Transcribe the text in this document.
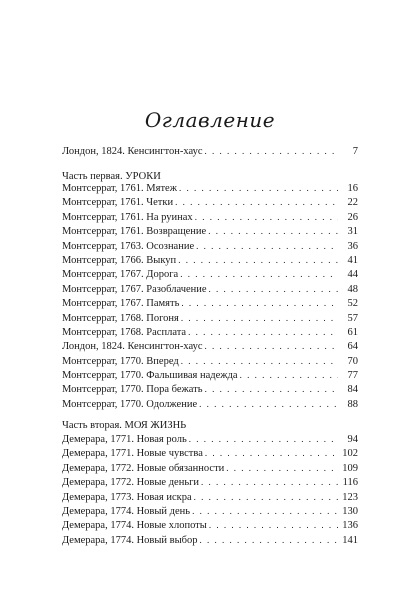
Оглавление
Лондон, 1824. Кенсингтон-хаус . . .	7
Часть первая. УРОКИ
Монтсеррат, 1761. Мятеж . . .	16
Монтсеррат, 1761. Четки . . .	22
Монтсеррат, 1761. На руинах . . .	26
Монтсеррат, 1761. Возвращение . . .	31
Монтсеррат, 1763. Осознание . . .	36
Монтсеррат, 1766. Выкуп . . .	41
Монтсеррат, 1767. Дорога . . .	44
Монтсеррат, 1767. Разоблачение . . .	48
Монтсеррат, 1767. Память . . .	52
Монтсеррат, 1768. Погоня . . .	57
Монтсеррат, 1768. Расплата . . .	61
Лондон, 1824. Кенсингтон-хаус . . .	64
Монтсеррат, 1770. Вперед . . .	70
Монтсеррат, 1770. Фальшивая надежда . . .	77
Монтсеррат, 1770. Пора бежать . . .	84
Монтсеррат, 1770. Одолжение . . .	88
Часть вторая. МОЯ ЖИЗНЬ
Демерара, 1771. Новая роль . . .	94
Демерара, 1771. Новые чувства . . .	102
Демерара, 1772. Новые обязанности . . .	109
Демерара, 1772. Новые деньги . . .	116
Демерара, 1773. Новая искра . . .	123
Демерара, 1774. Новый день . . .	130
Демерара, 1774. Новые хлопоты . . .	136
Демерара, 1774. Новый выбор . . .	141
